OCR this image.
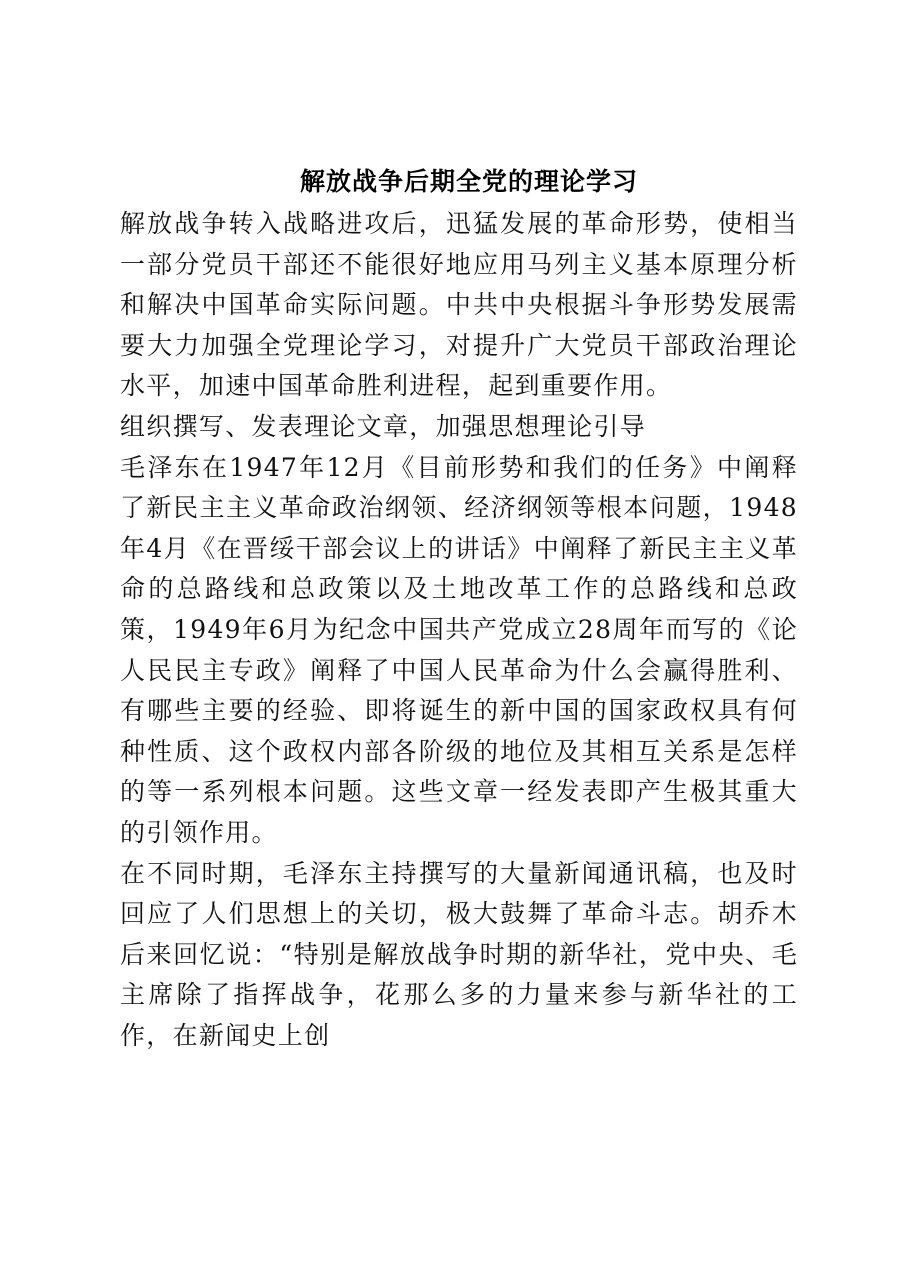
解放战争后期全党的理论学习

解放战争转入战略进攻后，迅猛发展的革命形势，使相当一部分党员干部还不能很好地应用马列主义基本原理分析和解决中国革命实际问题。中共中央根据斗争形势发展需要大力加强全党理论学习，对提升广大党员干部政治理论水平，加速中国革命胜利进程，起到重要作用。

组织撰写、发表理论文章，加强思想理论引导

毛泽东在1947年12月《目前形势和我们的任务》中阐释了新民主主义革命政治纲领、经济纲领等根本问题，1948年4月《在晋绥干部会议上的讲话》中阐释了新民主主义革命的总路线和总政策以及土地改革工作的总路线和总政策，1949年6月为纪念中国共产党成立28周年而写的《论人民民主专政》阐释了中国人民革命为什么会赢得胜利、有哪些主要的经验、即将诞生的新中国的国家政权具有何种性质、这个政权内部各阶级的地位及其相互关系是怎样的等一系列根本问题。这些文章一经发表即产生极其重大的引领作用。

在不同时期，毛泽东主持撰写的大量新闻通讯稿，也及时回应了人们思想上的关切，极大鼓舞了革命斗志。胡乔木后来回忆说：“特别是解放战争时期的新华社，党中央、毛主席除了指挥战争，花那么多的力量来参与新华社的工作，在新闻史上创
